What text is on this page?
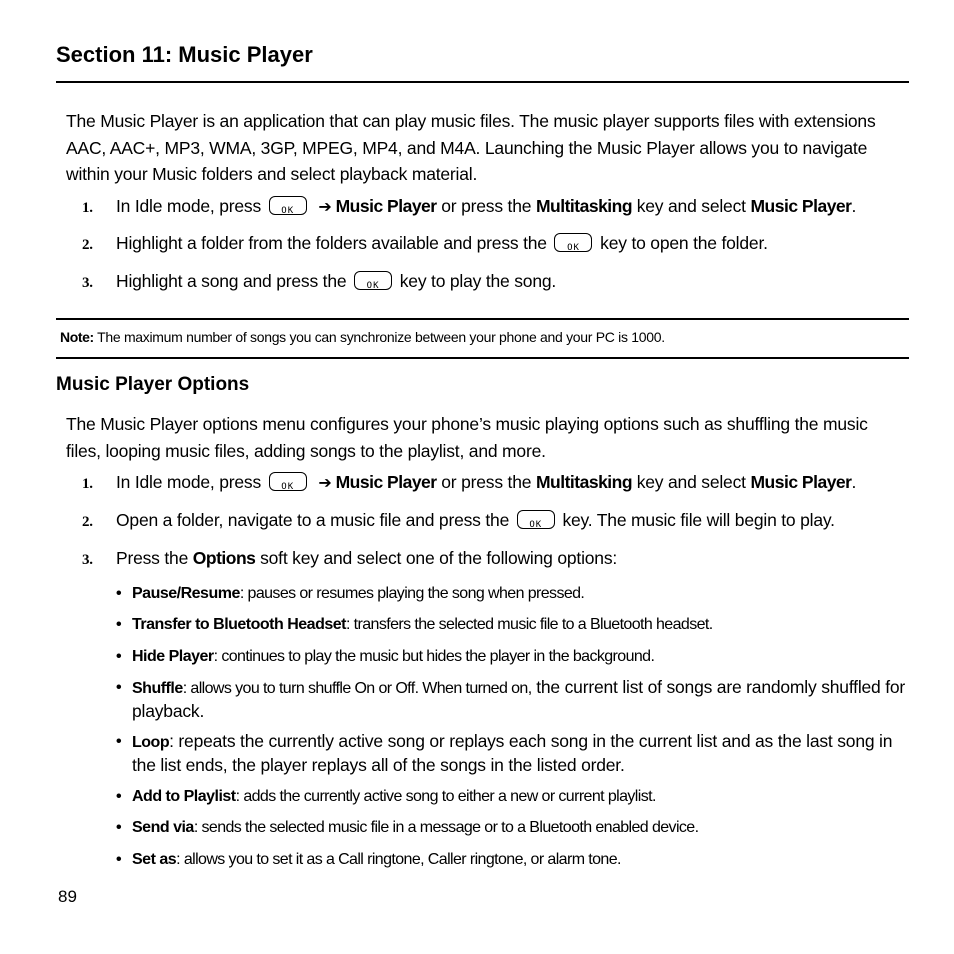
Section 11: Music Player

The Music Player is an application that can play music files. The music player supports files with extensions AAC, AAC+, MP3, WMA, 3GP, MPEG, MP4, and M4A. Launching the Music Player allows you to navigate within your Music folders and select playback material.

1. In Idle mode, press	OK	➔ Music Player or press the Multitasking key and select Music Player.
2. Highlight a folder from the folders available and press the	OK	key to open the folder.
3. Highlight a song and press the	OK	key to play the song.
Note: The maximum number of songs you can synchronize between your phone and your PC is 1000.
Music Player Options

The Music Player options menu configures your phone’s music playing options such as shuffling the music files, looping music files, adding songs to the playlist, and more.

1. In Idle mode, press	OK	➔ Music Player or press the Multitasking key and select Music Player.
2. Open a folder, navigate to a music file and press the	OK	key. The music file will begin to play.
3. Press the Options soft key and select one of the following options:
• Pause/Resume: pauses or resumes playing the song when pressed.
• Transfer to Bluetooth Headset: transfers the selected music file to a Bluetooth headset.
• Hide Player: continues to play the music but hides the player in the background.
• Shuffle: allows you to turn shuffle On or Off. When turned on, the current list of songs are randomly shuffled for playback.
• Loop: repeats the currently active song or replays each song in the current list and as the last song in the list ends, the player replays all of the songs in the listed order.
• Add to Playlist: adds the currently active song to either a new or current playlist.
• Send via: sends the selected music file in a message or to a Bluetooth enabled device.
• Set as: allows you to set it as a Call ringtone, Caller ringtone, or alarm tone.
89
